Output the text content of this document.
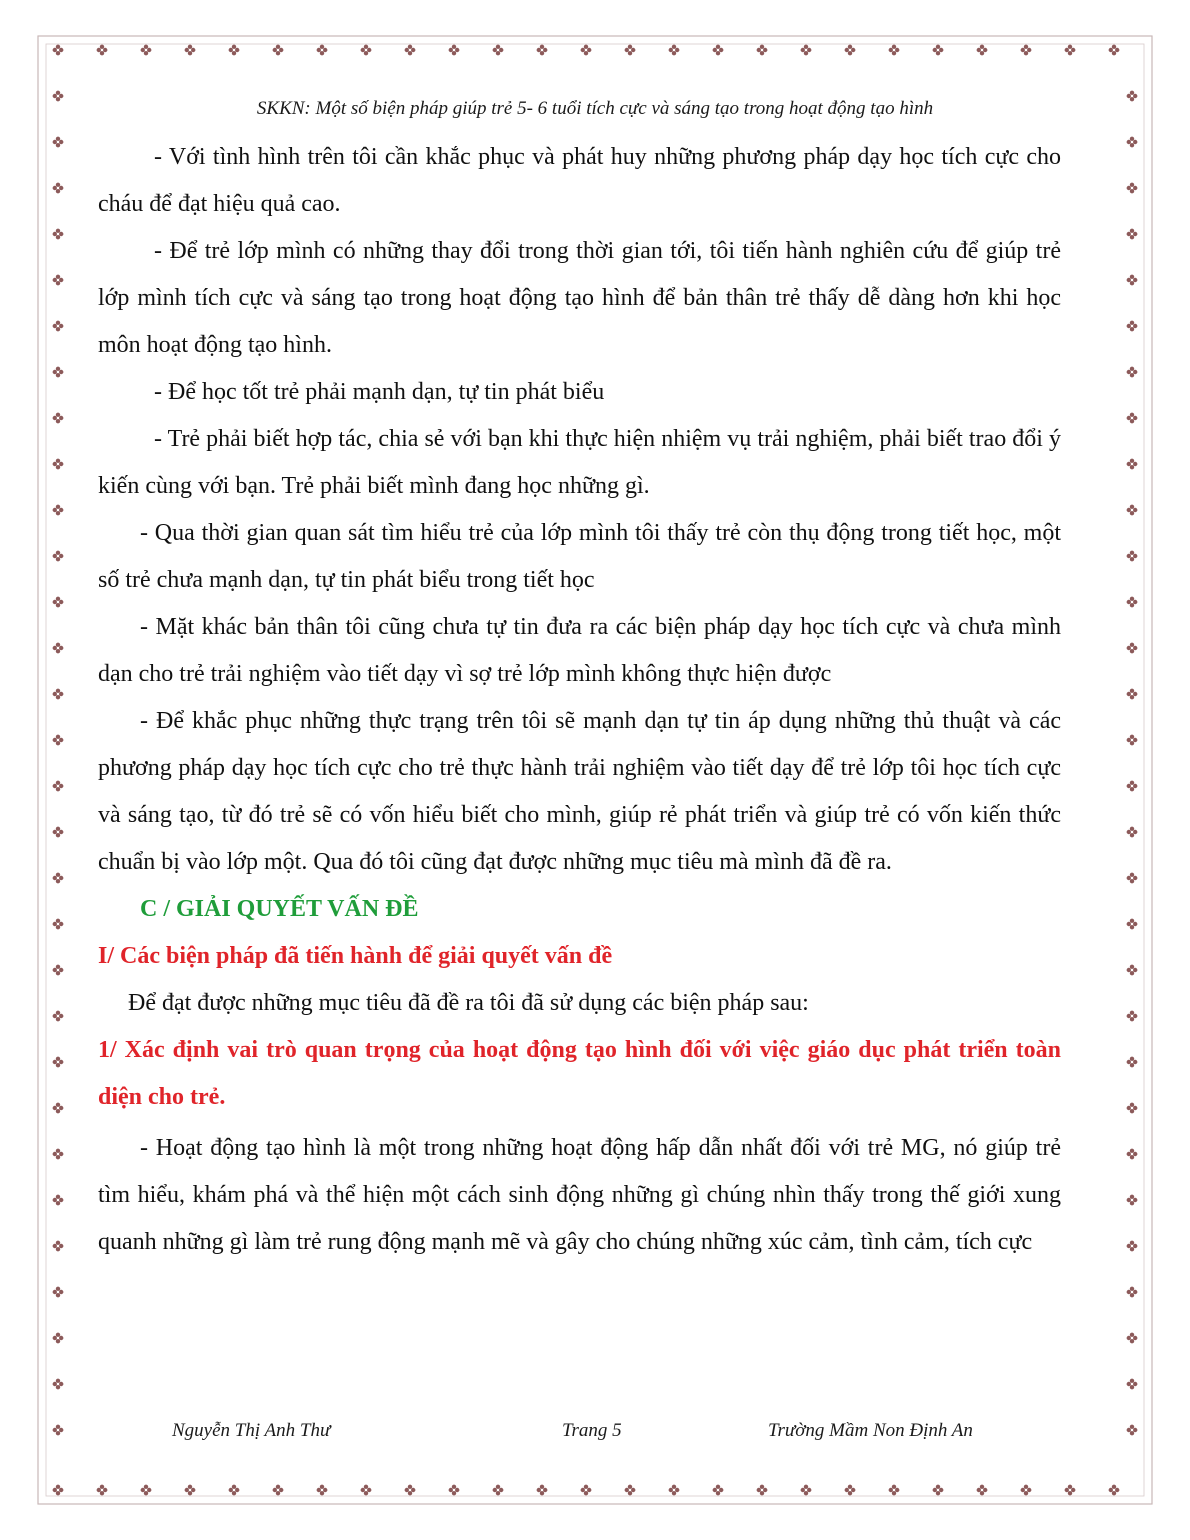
SKKN: Một số biện pháp giúp trẻ 5- 6 tuổi tích cực và sáng tạo trong hoạt động tạo hình

- Với tình hình trên tôi cần khắc phục và phát huy những phương pháp dạy học tích cực cho cháu để đạt hiệu quả cao.

- Để trẻ lớp mình có những thay đổi trong thời gian tới, tôi tiến hành nghiên cứu để giúp trẻ lớp mình tích cực và sáng tạo trong hoạt động tạo hình để bản thân trẻ thấy dễ dàng hơn khi học môn hoạt động tạo hình.

- Để học tốt trẻ phải mạnh dạn, tự tin phát biểu

- Trẻ phải biết hợp tác, chia sẻ với bạn khi thực hiện nhiệm vụ trải nghiệm, phải biết trao đổi ý kiến cùng với bạn. Trẻ phải biết mình đang học những gì.

- Qua thời gian quan sát tìm hiểu trẻ của lớp mình tôi thấy trẻ còn thụ động trong tiết học, một số trẻ chưa mạnh dạn, tự tin phát biểu trong tiết học

- Mặt khác bản thân tôi cũng chưa tự tin đưa ra các biện pháp dạy học tích cực và chưa mình dạn cho trẻ trải nghiệm vào tiết dạy vì sợ trẻ lớp mình không thực hiện được

- Để khắc phục những thực trạng trên tôi sẽ mạnh dạn tự tin áp dụng những thủ thuật và các phương pháp dạy học tích cực cho trẻ thực hành trải nghiệm vào tiết dạy để trẻ lớp tôi học tích cực và sáng tạo, từ đó trẻ sẽ có vốn hiểu biết cho mình, giúp rẻ phát triển và giúp trẻ có vốn kiến thức chuẩn bị vào lớp một. Qua đó tôi cũng đạt được những mục tiêu mà mình đã đề ra.

C / GIẢI QUYẾT VẤN ĐỀ

I/ Các biện pháp đã tiến hành để giải quyết vấn đề

Để đạt được những mục tiêu đã đề ra tôi đã sử dụng các biện pháp sau:

1/ Xác định vai trò quan trọng của hoạt động tạo hình đối với việc giáo dục phát triển toàn diện cho trẻ.

- Hoạt động tạo hình là một trong những hoạt động hấp dẫn nhất đối với trẻ MG, nó giúp trẻ tìm hiểu, khám phá và thể hiện một cách sinh động những gì chúng nhìn thấy trong thế giới xung quanh những gì làm trẻ rung động mạnh mẽ và gây cho chúng những xúc cảm, tình cảm, tích cực

Nguyễn Thị Anh Thư	Trang 5	Trường Mầm Non Định An
